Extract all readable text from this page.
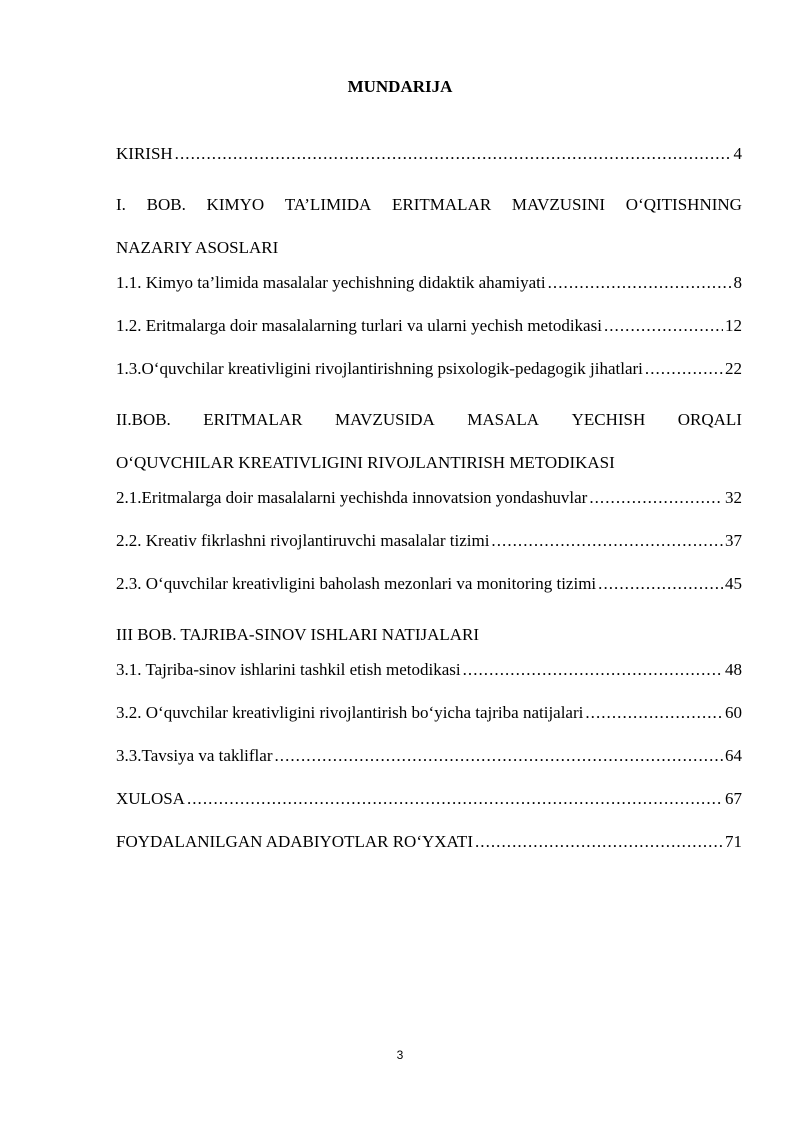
MUNDARIJA
KIRISH . . .	4
I. BOB. KIMYO TA’LIMIDA ERITMALAR MAVZUSINI O‘QITISHNING
NAZARIY ASOSLARI
1.1. Kimyo ta’limida masalalar yechishning didaktik ahamiyati . . .	8
1.2. Eritmalarga doir masalalarning turlari va ularni yechish metodikasi . . .	12
1.3.O‘quvchilar kreativligini rivojlantirishning psixologik-pedagogik jihatlari . . .	22
II.BOB. ERITMALAR MAVZUSIDA MASALA YECHISH ORQALI
O‘QUVCHILAR KREATIVLIGINI RIVOJLANTIRISH METODIKASI
2.1.Eritmalarga doir masalalarni yechishda innovatsion yondashuvlar . . .	32
2.2. Kreativ fikrlashni rivojlantiruvchi masalalar tizimi . . .	37
2.3. O‘quvchilar kreativligini baholash mezonlari va monitoring tizimi . . .	45
III BOB. TAJRIBA-SINOV ISHLARI NATIJALARI
3.1. Tajriba-sinov ishlarini tashkil etish metodikasi . . .	48
3.2. O‘quvchilar kreativligini rivojlantirish bo‘yicha tajriba natijalari . . .	60
3.3.Tavsiya va takliflar . . .	64
XULOSA . . .	67
FOYDALANILGAN ADABIYOTLAR RO‘YXATI . . .	71
3
